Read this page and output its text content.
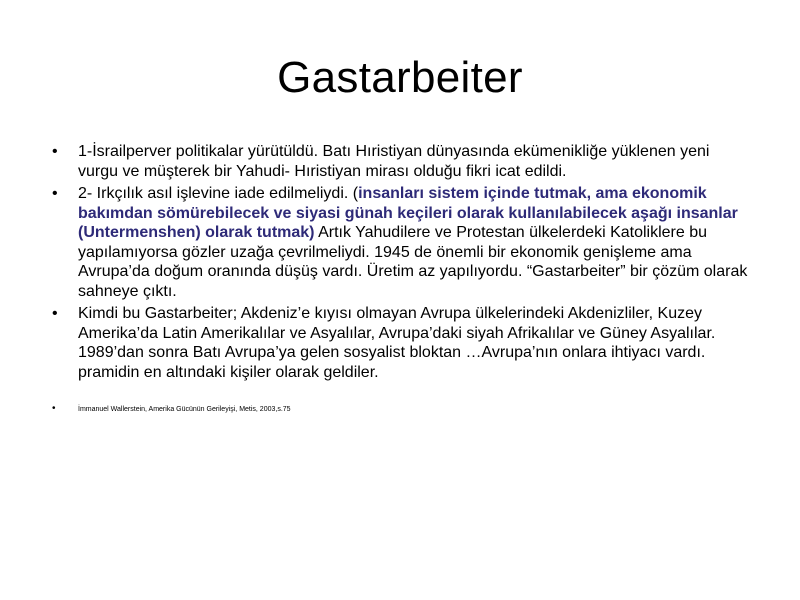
Gastarbeiter
• 1-İsrailperver politikalar yürütüldü. Batı Hıristiyan dünyasında ekümenikliğe yüklenen yeni vurgu ve müşterek bir Yahudi- Hıristiyan mirası olduğu fikri icat edildi.
• 2- Irkçılık asıl işlevine iade edilmeliydi. (insanları sistem içinde tutmak, ama ekonomik bakımdan sömürebilecek ve siyasi günah keçileri olarak kullanılabilecek aşağı insanlar (Untermenshen) olarak tutmak) Artık Yahudilere ve Protestan ülkelerdeki Katoliklere bu yapılamıyorsa gözler uzağa çevrilmeliydi. 1945 de önemli bir ekonomik genişleme ama Avrupa’da doğum oranında düşüş vardı. Üretim az yapılıyordu. “Gastarbeiter” bir çözüm olarak sahneye çıktı.
• Kimdi bu Gastarbeiter; Akdeniz’e kıyısı olmayan Avrupa ülkelerindeki Akdenizliler, Kuzey Amerika’da Latin Amerikalılar ve Asyalılar, Avrupa’daki siyah Afrikalılar ve Güney Asyalılar. 1989’dan sonra Batı Avrupa’ya gelen sosyalist bloktan …Avrupa’nın onlara ihtiyacı vardı. pramidin en altındaki kişiler olarak geldiler.
•	İmmanuel Wallerstein, Amerika Gücünün Gerileyişi, Metis, 2003,s.75
